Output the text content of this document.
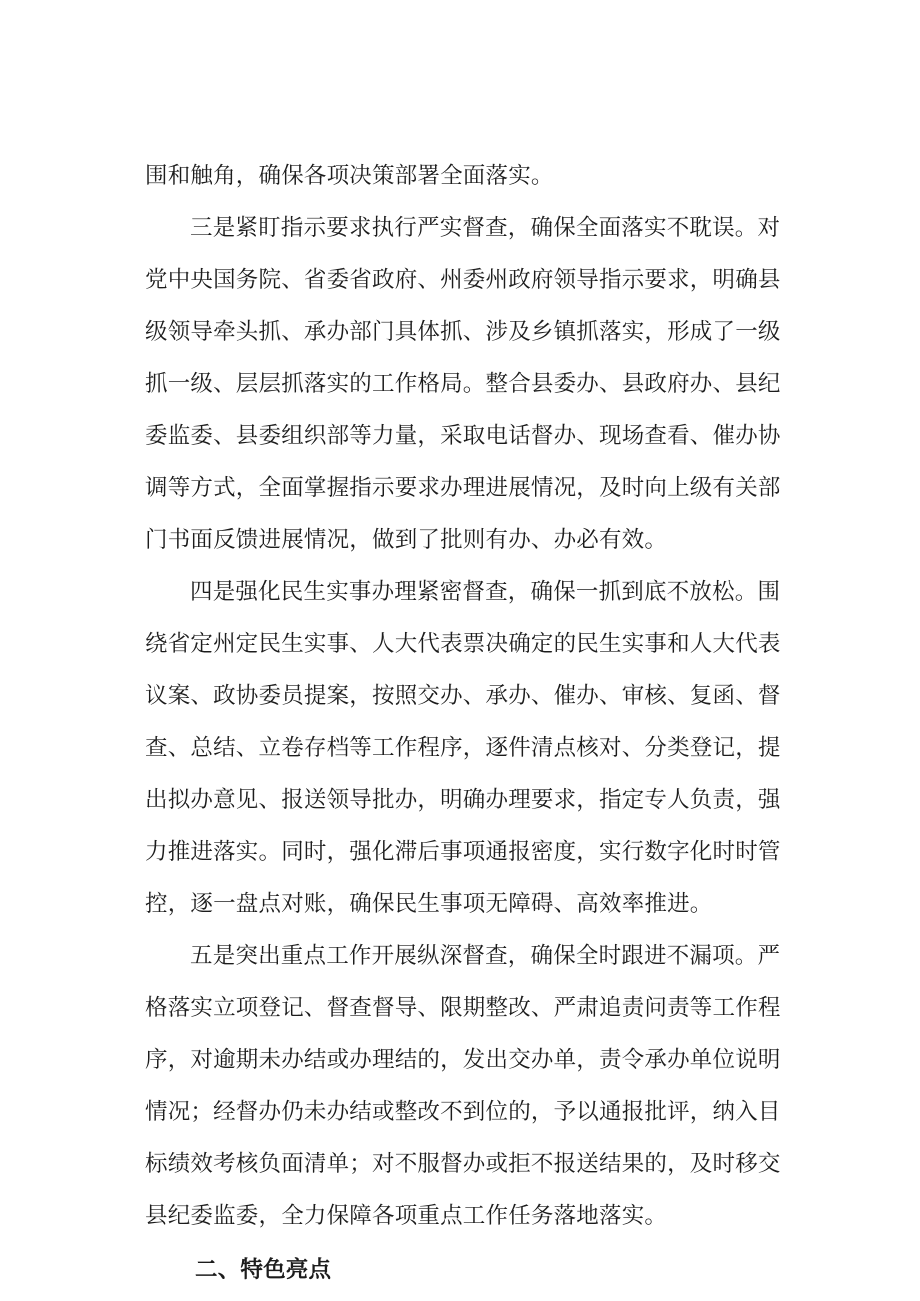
围和触角，确保各项决策部署全面落实。
三是紧盯指示要求执行严实督查，确保全面落实不耽误。对
党中央国务院、省委省政府、州委州政府领导指示要求，明确县
级领导牵头抓、承办部门具体抓、涉及乡镇抓落实，形成了一级
抓一级、层层抓落实的工作格局。整合县委办、县政府办、县纪
委监委、县委组织部等力量，采取电话督办、现场查看、催办协
调等方式，全面掌握指示要求办理进展情况，及时向上级有关部
门书面反馈进展情况，做到了批则有办、办必有效。
四是强化民生实事办理紧密督查，确保一抓到底不放松。围
绕省定州定民生实事、人大代表票决确定的民生实事和人大代表
议案、政协委员提案，按照交办、承办、催办、审核、复函、督
查、总结、立卷存档等工作程序，逐件清点核对、分类登记，提
出拟办意见、报送领导批办，明确办理要求，指定专人负责，强
力推进落实。同时，强化滞后事项通报密度，实行数字化时时管
控，逐一盘点对账，确保民生事项无障碍、高效率推进。
五是突出重点工作开展纵深督查，确保全时跟进不漏项。严
格落实立项登记、督查督导、限期整改、严肃追责问责等工作程
序，对逾期未办结或办理结的，发出交办单，责令承办单位说明
情况；经督办仍未办结或整改不到位的，予以通报批评，纳入目
标绩效考核负面清单；对不服督办或拒不报送结果的，及时移交
县纪委监委，全力保障各项重点工作任务落地落实。
二、特色亮点
